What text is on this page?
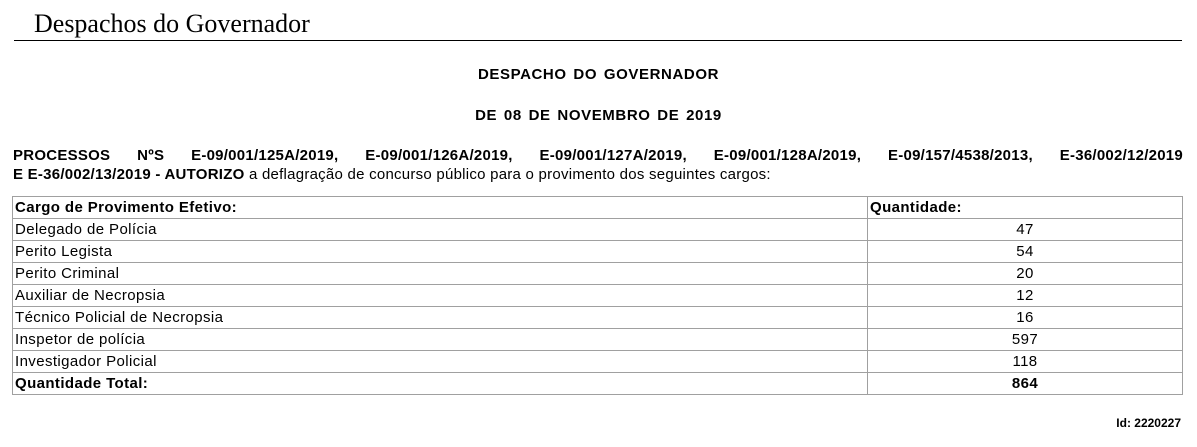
Despachos do Governador
DESPACHO DO GOVERNADOR
DE 08 DE NOVEMBRO DE 2019
PROCESSOS NºS E-09/001/125A/2019, E-09/001/126A/2019, E-09/001/127A/2019, E-09/001/128A/2019, E-09/157/4538/2013, E-36/002/12/2019
E E-36/002/13/2019 - AUTORIZO a deflagração de concurso público para o provimento dos seguintes cargos:
Cargo de Provimento Efetivo:	Quantidade:
Delegado de Polícia	47
Perito Legista	54
Perito Criminal	20
Auxiliar de Necropsia	12
Técnico Policial de Necropsia	16
Inspetor de polícia	597
Investigador Policial	118
Quantidade Total:	864
Id: 2220227
